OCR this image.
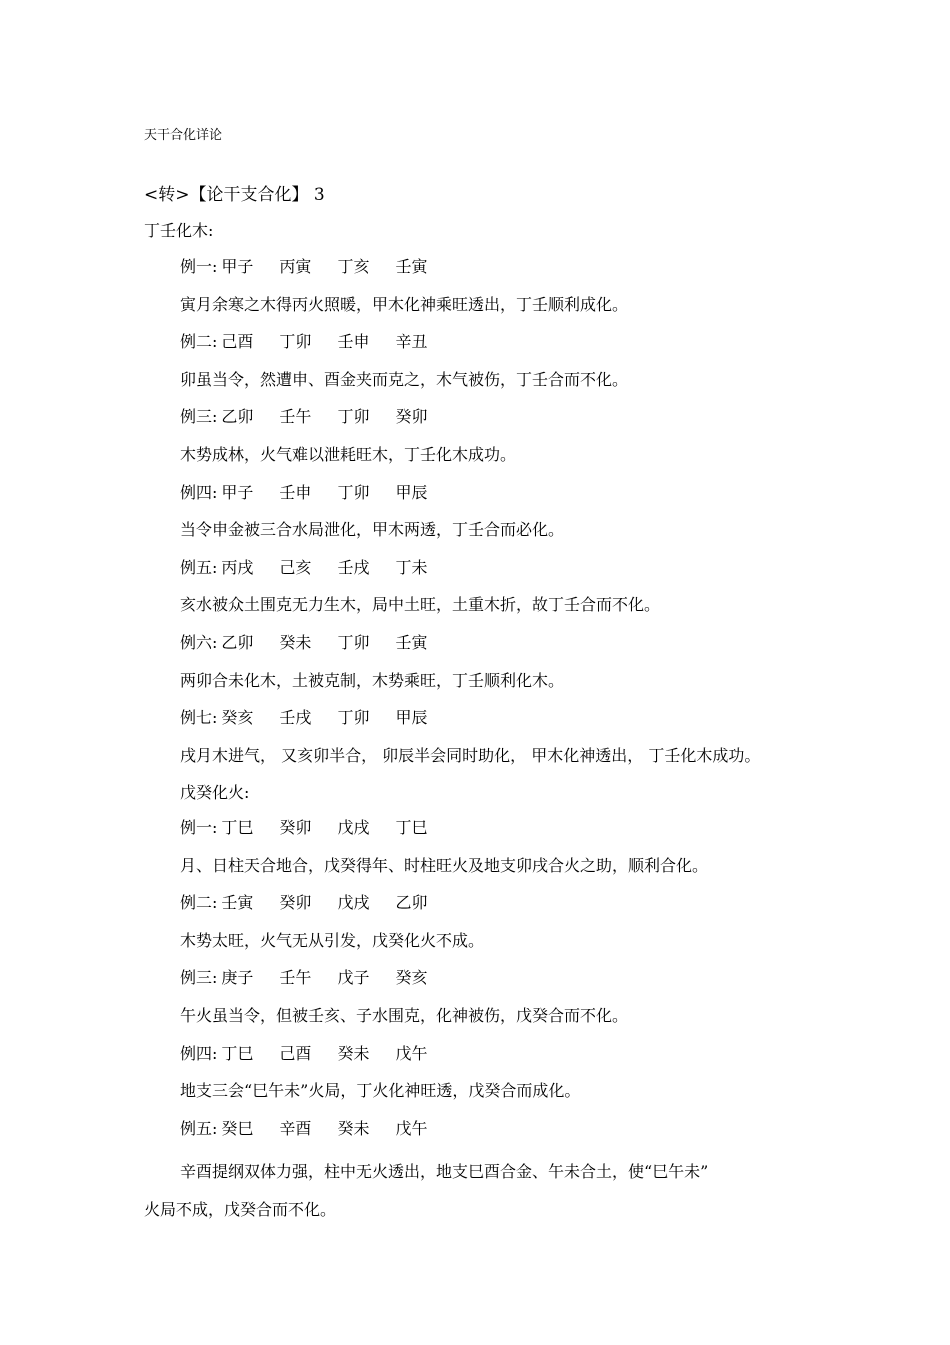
天干合化详论
<转>【论干支合化】 3
丁壬化木:
例一: 甲子 丙寅 丁亥 壬寅
寅月余寒之木得丙火照暖，甲木化神乘旺透出，丁壬顺利成化。
例二: 己酉 丁卯 壬申 辛丑
卯虽当令，然遭申、酉金夹而克之，木气被伤，丁壬合而不化。
例三: 乙卯 壬午 丁卯 癸卯
木势成林，火气难以泄耗旺木，丁壬化木成功。
例四: 甲子 壬申 丁卯 甲辰
当令申金被三合水局泄化，甲木两透，丁壬合而必化。
例五: 丙戌 己亥 壬戌 丁未
亥水被众土围克无力生木，局中土旺，土重木折，故丁壬合而不化。
例六: 乙卯 癸未 丁卯 壬寅
两卯合未化木，土被克制，木势乘旺，丁壬顺利化木。
例七: 癸亥 壬戌 丁卯 甲辰
戌月木进气， 又亥卯半合， 卯辰半会同时助化， 甲木化神透出， 丁壬化木成功。
戊癸化火:
例一: 丁巳 癸卯 戊戌 丁巳
月、日柱天合地合，戊癸得年、时柱旺火及地支卯戌合火之助，顺利合化。
例二: 壬寅 癸卯 戊戌 乙卯
木势太旺，火气无从引发，戊癸化火不成。
例三: 庚子 壬午 戊子 癸亥
午火虽当令，但被壬亥、子水围克，化神被伤，戊癸合而不化。
例四: 丁巳 己酉 癸未 戊午
地支三会“巳午未”火局，丁火化神旺透，戊癸合而成化。
例五: 癸巳 辛酉 癸未 戊午
辛酉提纲双体力强，柱中无火透出，地支巳酉合金、午未合土，使“巳午未”
火局不成，戊癸合而不化。
